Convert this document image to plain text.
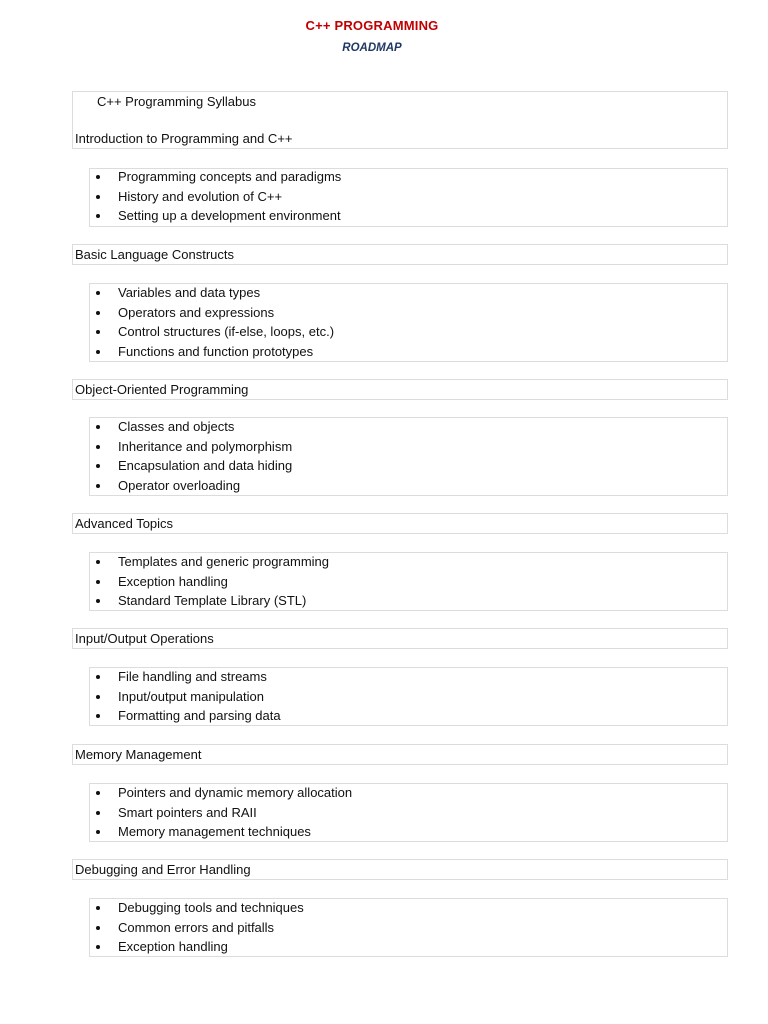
C++ PROGRAMMING
ROADMAP
C++ Programming Syllabus
Introduction to Programming and C++
Programming concepts and paradigms
History and evolution of C++
Setting up a development environment
Basic Language Constructs
Variables and data types
Operators and expressions
Control structures (if-else, loops, etc.)
Functions and function prototypes
Object-Oriented Programming
Classes and objects
Inheritance and polymorphism
Encapsulation and data hiding
Operator overloading
Advanced Topics
Templates and generic programming
Exception handling
Standard Template Library (STL)
Input/Output Operations
File handling and streams
Input/output manipulation
Formatting and parsing data
Memory Management
Pointers and dynamic memory allocation
Smart pointers and RAII
Memory management techniques
Debugging and Error Handling
Debugging tools and techniques
Common errors and pitfalls
Exception handling
